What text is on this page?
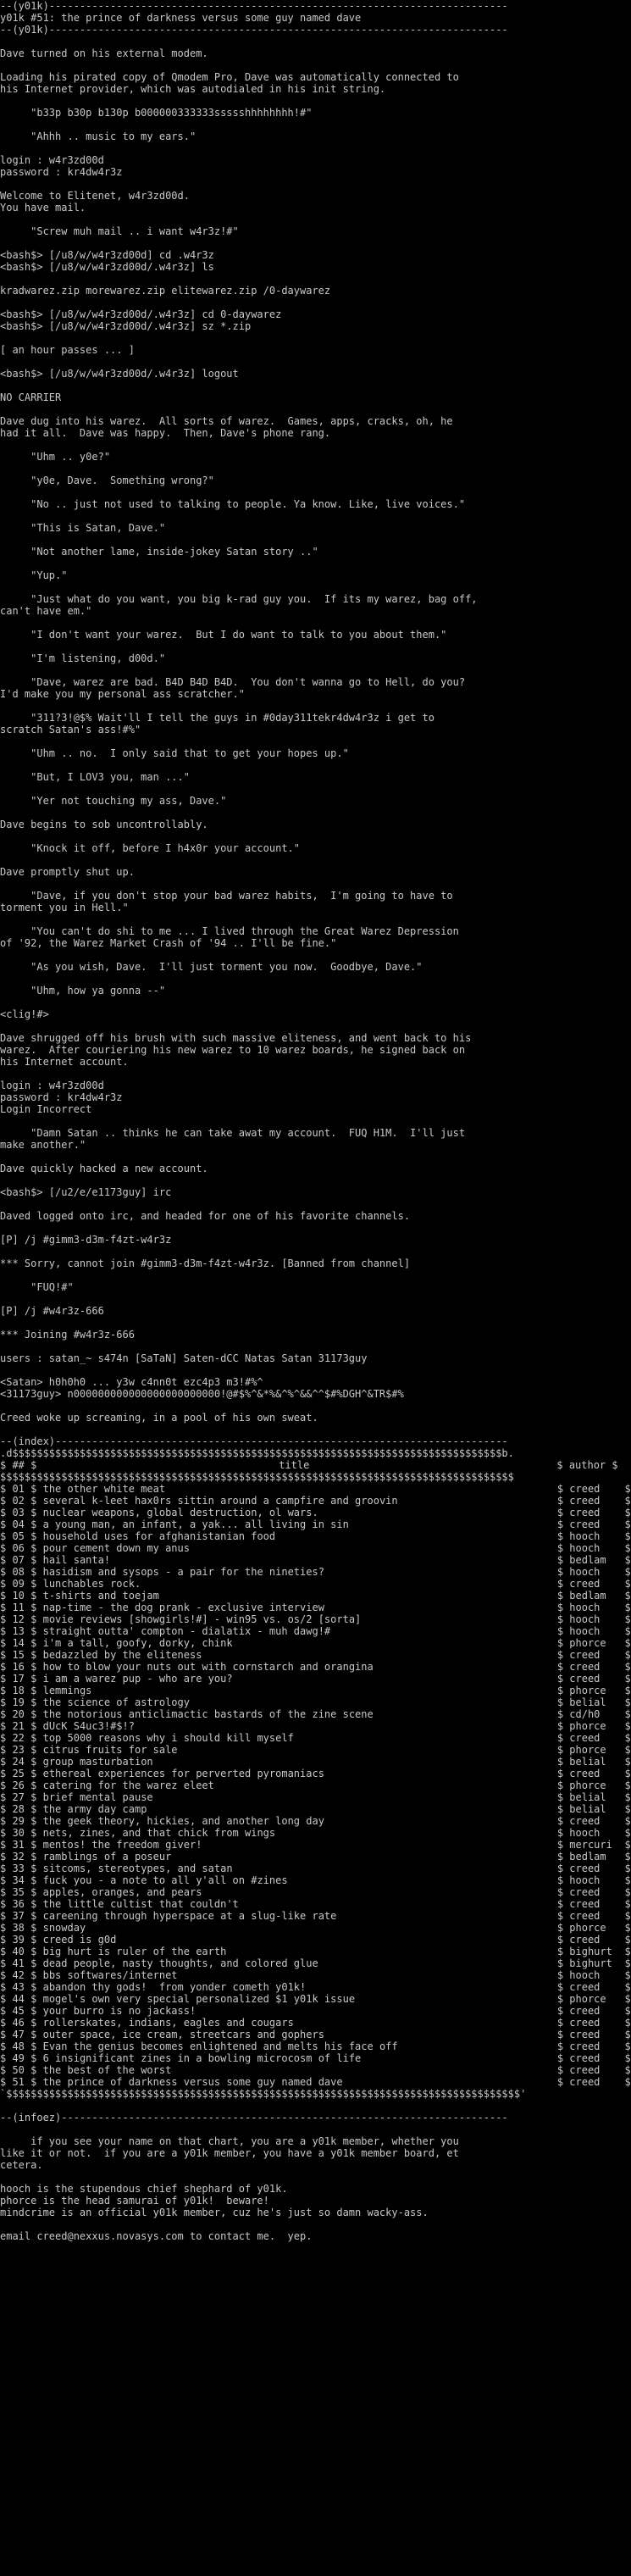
--(y01k)---------------------------------------------------------------------------
y01k #51: the prince of darkness versus some guy named dave
--(y01k)---------------------------------------------------------------------------
Dave turned on his external modem.
Loading his pirated copy of Qmodem Pro, Dave was automatically connected to
his Internet provider, which was autodialed in his init string.
"b33p b30p b130p b000000333333ssssshhhhhhhh!#"
"Ahhh .. music to my ears."
login : w4r3zd00d
password : kr4dw4r3z
Welcome to Elitenet, w4r3zd00d.
You have mail.
"Screw muh mail .. i want w4r3z!#"
<bash$> [/u8/w/w4r3zd00d] cd .w4r3z
<bash$> [/u8/w/w4r3zd00d/.w4r3z] ls
kradwarez.zip morewarez.zip elitewarez.zip /0-daywarez
<bash$> [/u8/w/w4r3zd00d/.w4r3z] cd 0-daywarez
<bash$> [/u8/w/w4r3zd00d/.w4r3z] sz *.zip
[ an hour passes ... ]
<bash$> [/u8/w/w4r3zd00d/.w4r3z] logout
NO CARRIER
Dave dug into his warez.  All sorts of warez.  Games, apps, cracks, oh, he
had it all.  Dave was happy.  Then, Dave's phone rang.
"Uhm .. y0e?"
"y0e, Dave.  Something wrong?"
"No .. just not used to talking to people. Ya know. Like, live voices."
"This is Satan, Dave."
"Not another lame, inside-jokey Satan story .."
"Yup."
"Just what do you want, you big k-rad guy you.  If its my warez, bag off,
can't have em."
"I don't want your warez.  But I do want to talk to you about them."
"I'm listening, d00d."
"Dave, warez are bad. B4D B4D B4D.  You don't wanna go to Hell, do you?
I'd make you my personal ass scratcher."
"311?3!@$% Wait'll I tell the guys in #0day311tekr4dw4r3z i get to
scratch Satan's ass!#%"
"Uhm .. no.  I only said that to get your hopes up."
"But, I LOV3 you, man ..."
"Yer not touching my ass, Dave."
Dave begins to sob uncontrollably.
"Knock it off, before I h4x0r your account."
Dave promptly shut up.
"Dave, if you don't stop your bad warez habits,  I'm going to have to
torment you in Hell."
"You can't do shi to me ... I lived through the Great Warez Depression
of '92, the Warez Market Crash of '94 .. I'll be fine."
"As you wish, Dave.  I'll just torment you now.  Goodbye, Dave."
"Uhm, how ya gonna --"
<clig!#>
Dave shrugged off his brush with such massive eliteness, and went back to his
warez.  After couriering his new warez to 10 warez boards, he signed back on
his Internet account.
login : w4r3zd00d
password : kr4dw4r3z
Login Incorrect
"Damn Satan .. thinks he can take awat my account.  FUQ H1M.  I'll just
make another."
Dave quickly hacked a new account.
<bash$> [/u2/e/e1173guy] irc
Daved logged onto irc, and headed for one of his favorite channels.
[P] /j #gimm3-d3m-f4zt-w4r3z
*** Sorry, cannot join #gimm3-d3m-f4zt-w4r3z. [Banned from channel]
"FUQ!#"
[P] /j #w4r3z-666
*** Joining #w4r3z-666
users : satan_~ s474n [SaTaN] Saten-dCC Natas Satan 31173guy
<Satan> h0h0h0 ... y3w c4nn0t ezc4p3 m3!#%^
<31173guy> n000000000000000000000000!@#$%^&*%&^%^&&^^$#%DGH^&TR$#%
Creed woke up screaming, in a pool of his own sweat.
--(index)--------------------------------------------------------------------------
.d$$$$$$$$$$$$$$$$$$$$$$$$$$$$$$$$$$$$$$$$$$$$$$$$$$$$$$$$$$$$$$$$$$$$$$$$$$$$$$$$b.
$ ## $	title	$ author $
$$$$$$$$$$$$$$$$$$$$$$$$$$$$$$$$$$$$$$$$$$$$$$$$$$$$$$$$$$$$$$$$$$$$$$$$$$$$$$$$$$$$
$ 01 $ the other white meat	$ creed $
$ 02 $ several k-leet hax0rs sittin around a campfire and groovin	$ creed $
$ 03 $ nuclear weapons, global destruction, ol wars.	$ creed $
$ 04 $ a young man, an infant, a yak... all living in sin	$ creed $
$ 05 $ household uses for afghanistanian food	$ hooch $
$ 06 $ pour cement down my anus	$ hooch $
$ 07 $ hail santa!	$ bedlam $
$ 08 $ hasidism and sysops - a pair for the nineties?	$ hooch $
$ 09 $ lunchables rock.	$ creed $
$ 10 $ t-shirts and toejam	$ bedlam $
$ 11 $ nap-time - the dog prank - exclusive interview	$ hooch $
$ 12 $ movie reviews [showgirls!#] - win95 vs. os/2 [sorta]	$ hooch $
$ 13 $ straight outta' compton - dialatix - muh dawg!#	$ hooch $
$ 14 $ i'm a tall, goofy, dorky, chink	$ phorce $
$ 15 $ bedazzled by the eliteness	$ creed $
$ 16 $ how to blow your nuts out with cornstarch and orangina	$ creed $
$ 17 $ i am a warez pup - who are you?	$ creed $
$ 18 $ lemmings	$ phorce $
$ 19 $ the science of astrology	$ belial $
$ 20 $ the notorious anticlimactic bastards of the zine scene	$ cd/h0 $
$ 21 $ dUcK S4uc3!#$!?	$ phorce $
$ 22 $ top 5000 reasons why i should kill myself	$ creed $
$ 23 $ citrus fruits for sale	$ phorce $
$ 24 $ group masturbation	$ belial $
$ 25 $ ethereal experiences for perverted pyromaniacs	$ creed $
$ 26 $ catering for the warez eleet	$ phorce $
$ 27 $ brief mental pause	$ belial $
$ 28 $ the army day camp	$ belial $
$ 29 $ the geek theory, hickies, and another long day	$ creed $
$ 30 $ nets, zines, and that chick from wings	$ hooch $
$ 31 $ mentos! the freedom giver!	$ mercuri $
$ 32 $ ramblings of a poseur	$ bedlam $
$ 33 $ sitcoms, stereotypes, and satan	$ creed $
$ 34 $ fuck you - a note to all y'all on #zines	$ hooch $
$ 35 $ apples, oranges, and pears	$ creed $
$ 36 $ the little cultist that couldn't	$ creed $
$ 37 $ careening through hyperspace at a slug-like rate	$ creed $
$ 38 $ snowday	$ phorce $
$ 39 $ creed is g0d	$ creed $
$ 40 $ big hurt is ruler of the earth	$ bighurt $
$ 41 $ dead people, nasty thoughts, and colored glue	$ bighurt $
$ 42 $ bbs softwares/internet	$ hooch $
$ 43 $ abandon thy gods!  from yonder cometh y01k!	$ creed $
$ 44 $ mogel's own very special personalized $1 y01k issue	$ phorce $
$ 45 $ your burro is no jackass!	$ creed $
$ 46 $ rollerskates, indians, eagles and cougars	$ creed $
$ 47 $ outer space, ice cream, streetcars and gophers	$ creed $
$ 48 $ Evan the genius becomes enlightened and melts his face off	$ creed $
$ 49 $ 6 insignificant zines in a bowling microcosm of life	$ creed $
$ 50 $ the best of the worst	$ creed $
$ 51 $ the prince of darkness versus some guy named dave	$ creed $
`$$$$$$$$$$$$$$$$$$$$$$$$$$$$$$$$$$$$$$$$$$$$$$$$$$$$$$$$$$$$$$$$$$$$$$$$$$$$$$$$$$$$'
--(infoez)-------------------------------------------------------------------------
if you see your name on that chart, you are a y01k member, whether you
like it or not.  if you are a y01k member, you have a y01k member board, et
cetera.
hooch is the stupendous chief shephard of y01k.
phorce is the head samurai of y01k!  beware!
mindcrime is an official y01k member, cuz he's just so damn wacky-ass.
email creed@nexxus.novasys.com to contact me.  yep.
